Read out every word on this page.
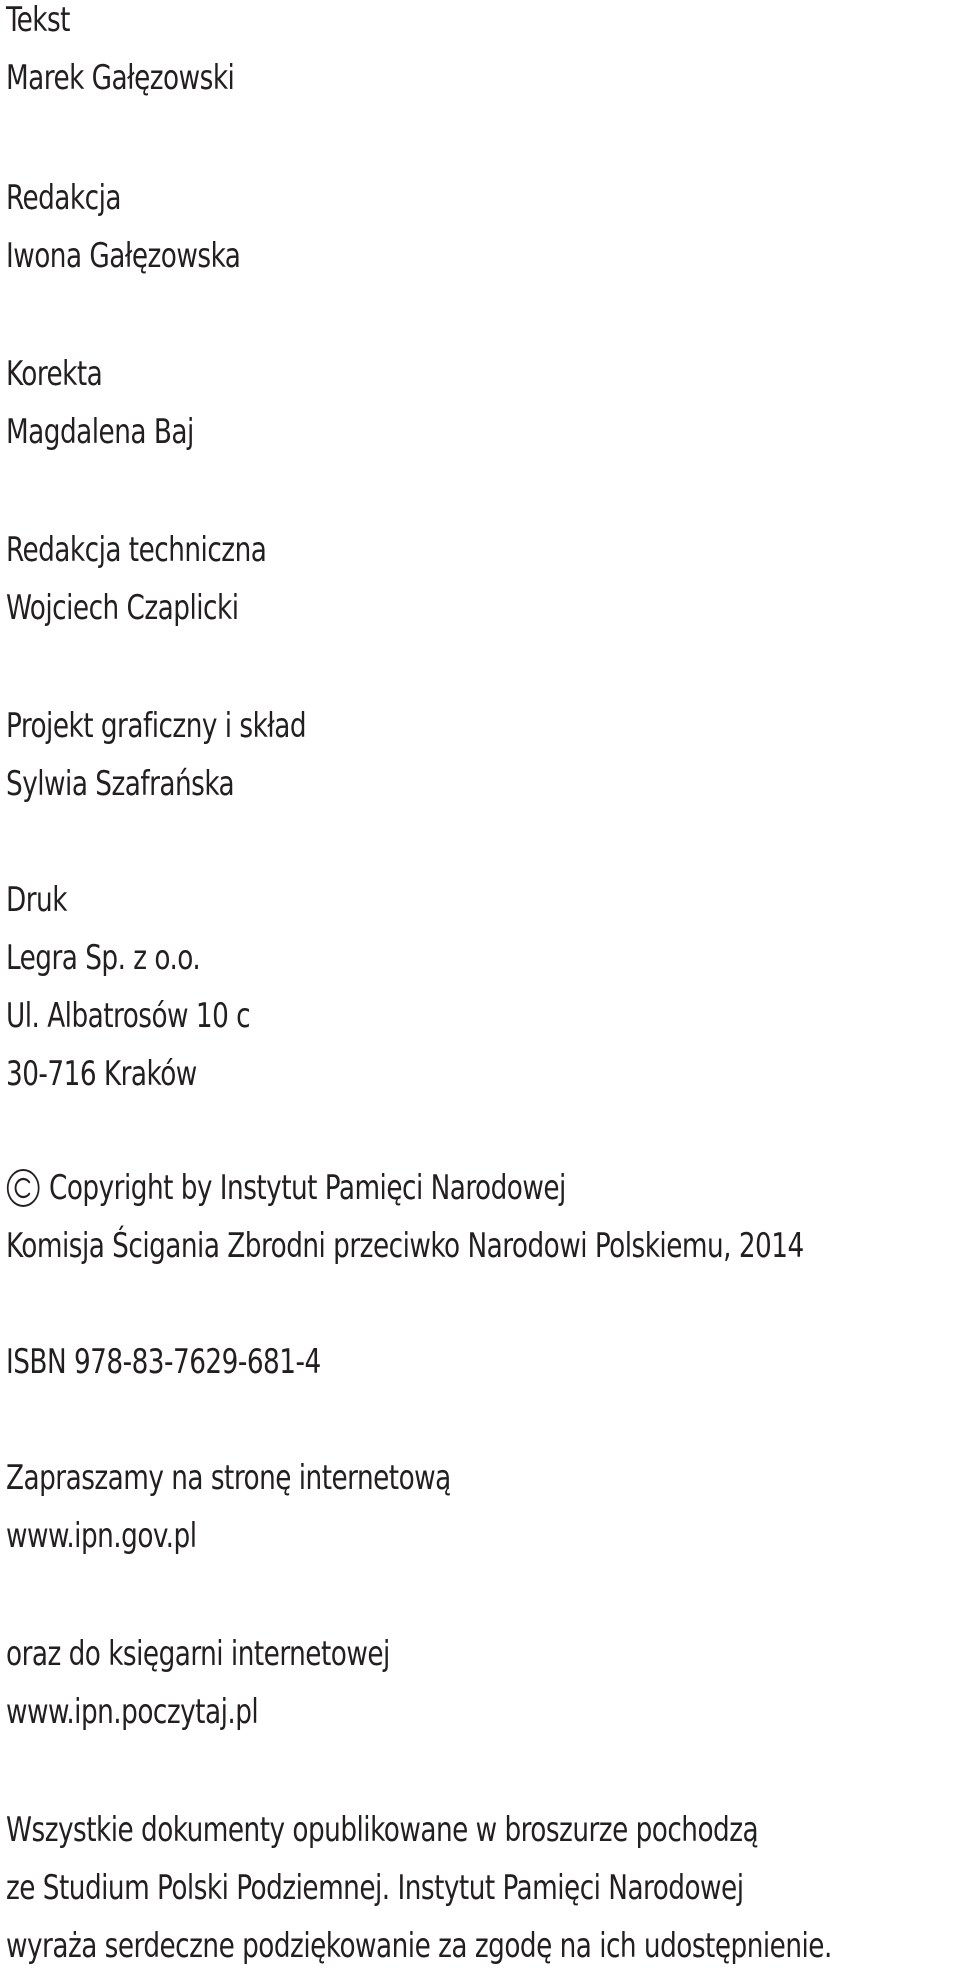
Tekst

Marek Gałęzowski

Redakcja

Iwona Gałęzowska

Korekta

Magdalena Baj

Redakcja techniczna

Wojciech Czaplicki

Projekt graficzny i skład

Sylwia Szafrańska

Druk

Legra Sp. z o.o.

Ul. Albatrosów 10 c

30-716 Kraków

Copyright by Instytut Pamięci Narodowej

Komisja Ścigania Zbrodni przeciwko Narodowi Polskiemu, 2014

ISBN 978-83-7629-681-4

Zapraszamy na stronę internetową

www.ipn.gov.pl

oraz do księgarni internetowej

www.ipn.poczytaj.pl

Wszystkie dokumenty opublikowane w broszurze pochodzą

ze Studium Polski Podziemnej. Instytut Pamięci Narodowej

wyraża serdeczne podziękowanie za zgodę na ich udostępnienie.
